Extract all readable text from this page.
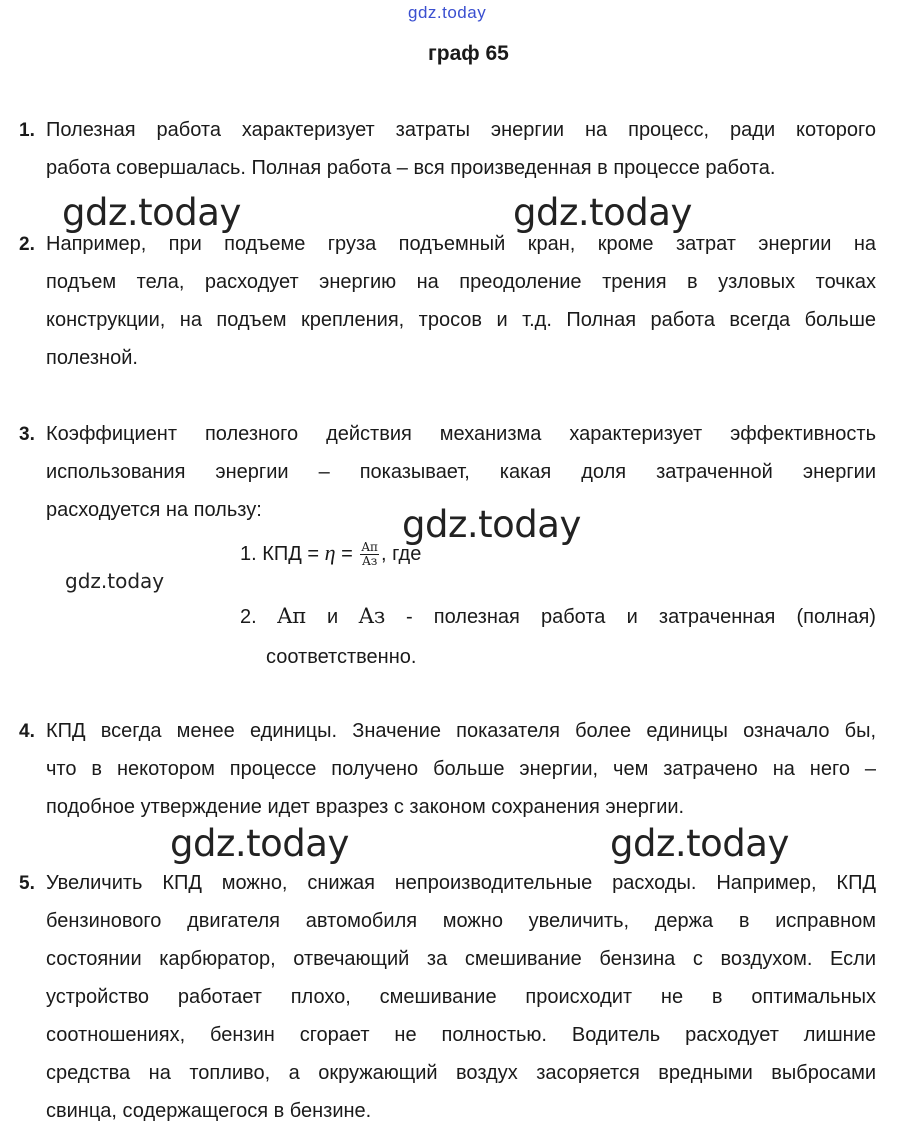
gdz.today
граф 65
1. Полезная работа характеризует затраты энергии на процесс, ради которого
работа совершалась. Полная работа – вся произведенная в процессе работа.
gdz.today	gdz.today
2. Например, при подъеме груза подъемный кран, кроме затрат энергии на
подъем тела, расходует энергию на преодоление трения в узловых точках
конструкции, на подъем крепления, тросов и т.д. Полная работа всегда больше
полезной.
3. Коэффициент полезного действия механизма характеризует эффективность
использования энергии – показывает, какая доля затраченной энергии
расходуется на пользу:	gdz.today
1. КПД = $\eta = \frac{Aп}{Aз}$ , где
gdz.today
2. Aп и Aз - полезная работа и затраченная (полная)
соответственно.
4. КПД всегда менее единицы. Значение показателя более единицы означало бы,
что в некотором процессе получено больше энергии, чем затрачено на него –
подобное утверждение идет вразрез с законом сохранения энергии.
gdz.today	gdz.today
5. Увеличить КПД можно, снижая непроизводительные расходы. Например, КПД
бензинового двигателя автомобиля можно увеличить, держа в исправном
состоянии карбюратор, отвечающий за смешивание бензина с воздухом. Если
устройство работает плохо, смешивание происходит не в оптимальных
соотношениях, бензин сгорает не полностью. Водитель расходует лишние
средства на топливо, а окружающий воздух засоряется вредными выбросами
свинца, содержащегося в бензине.
